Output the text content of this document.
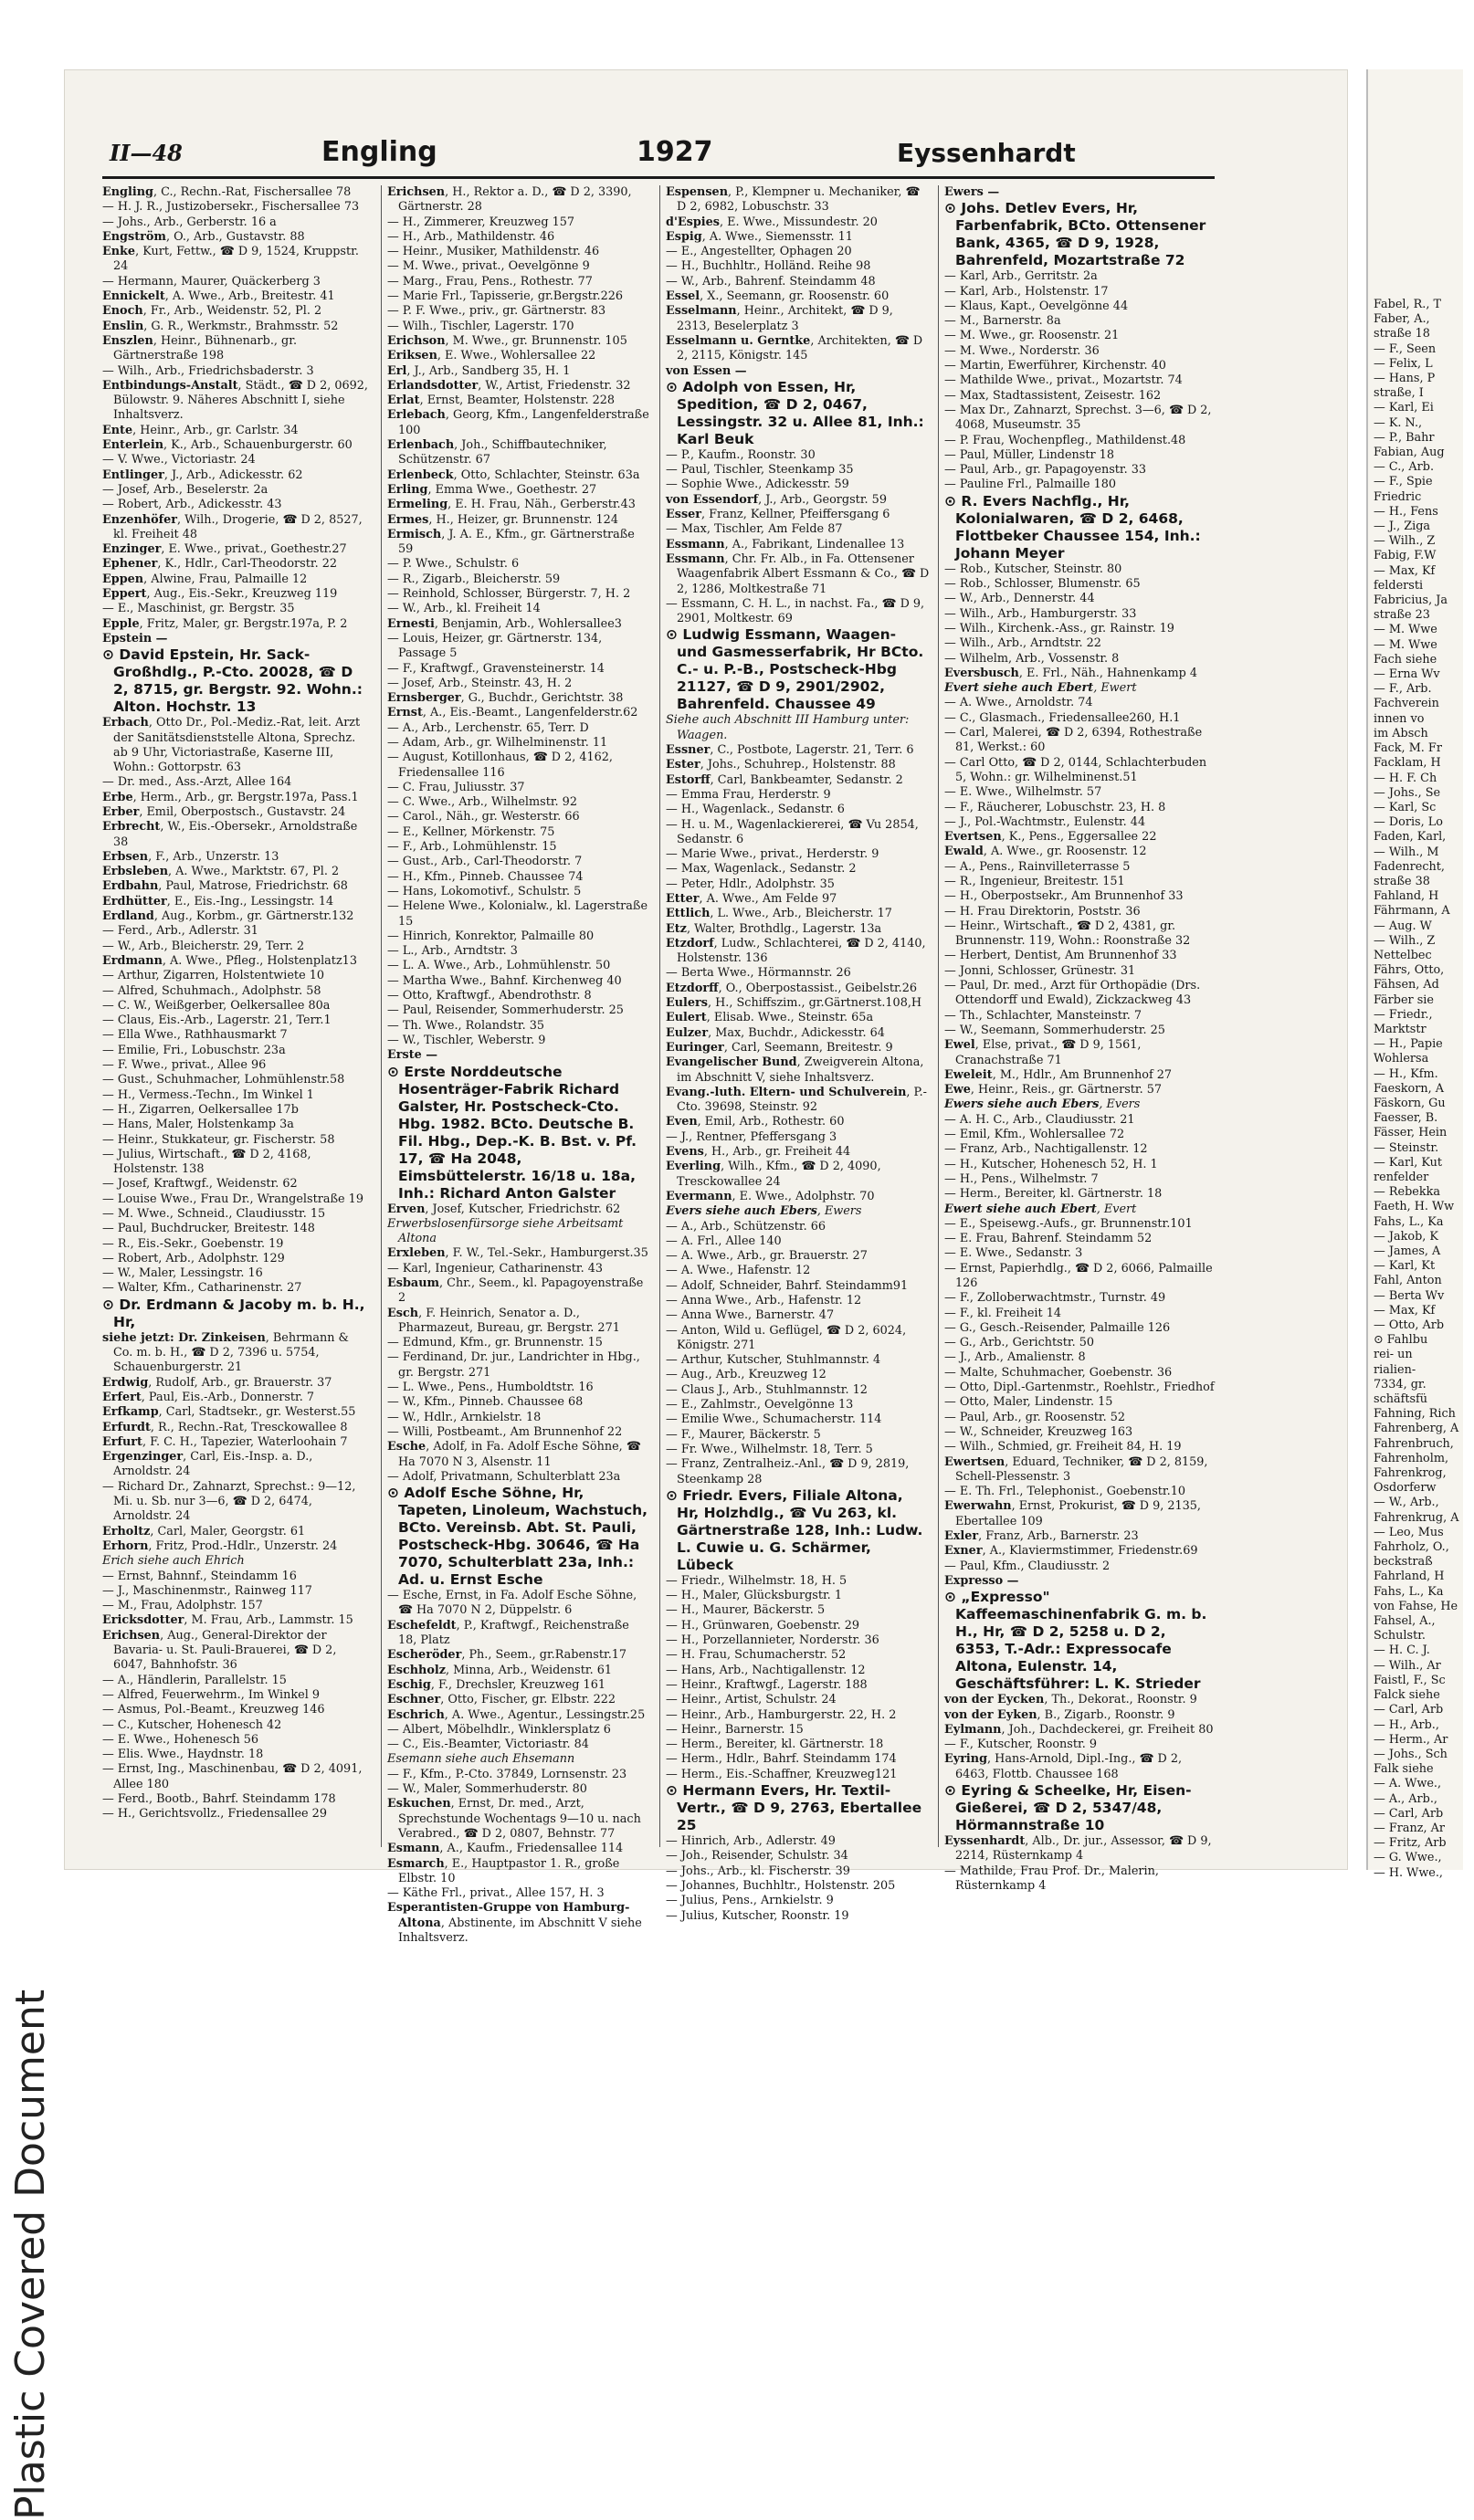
II—48	Engling	1927	Eyssenhardt

Engling, C., Rechn.-Rat, Fischersallee 78

— H. J. R., Justizobersekr., Fischersallee 73

— Johs., Arb., Gerberstr. 16 a

Engström, O., Arb., Gustavstr. 88

Enke, Kurt, Fettw., ☎ D 9, 1524, Kruppstr. 24

— Hermann, Maurer, Quäckerberg 3

Ennickelt, A. Wwe., Arb., Breitestr. 41

Enoch, Fr., Arb., Weidenstr. 52, Pl. 2

Enslin, G. R., Werkmstr., Brahmsstr. 52

Enszlen, Heinr., Bühnenarb., gr. Gärtnerstraße 198

— Wilh., Arb., Friedrichsbaderstr. 3

Entbindungs-Anstalt, Städt., ☎ D 2, 0692, Bülowstr. 9. Näheres Abschnitt I, siehe Inhaltsverz.

Ente, Heinr., Arb., gr. Carlstr. 34

Enterlein, K., Arb., Schauenburgerstr. 60

— V. Wwe., Victoriastr. 24

Entlinger, J., Arb., Adickesstr. 62

— Josef, Arb., Beselerstr. 2a

— Robert, Arb., Adickesstr. 43

Enzenhöfer, Wilh., Drogerie, ☎ D 2, 8527, kl. Freiheit 48

Enzinger, E. Wwe., privat., Goethestr.27

Ephener, K., Hdlr., Carl-Theodorstr. 22

Eppen, Alwine, Frau, Palmaille 12

Eppert, Aug., Eis.-Sekr., Kreuzweg 119

— E., Maschinist, gr. Bergstr. 35

Epple, Fritz, Maler, gr. Bergstr.197a, P. 2

Epstein —

⊙ David Epstein, Hr. Sack-Großhdlg., P.-Cto. 20028, ☎ D 2, 8715, gr. Bergstr. 92. Wohn.: Alton. Hochstr. 13

Erbach, Otto Dr., Pol.-Mediz.-Rat, leit. Arzt der Sanitätsdienststelle Altona, Sprechz. ab 9 Uhr, Victoriastraße, Kaserne III, Wohn.: Gottorpstr. 63

— Dr. med., Ass.-Arzt, Allee 164

Erbe, Herm., Arb., gr. Bergstr.197a, Pass.1

Erber, Emil, Oberpostsch., Gustavstr. 24

Erbrecht, W., Eis.-Obersekr., Arnoldstraße 38

Erbsen, F., Arb., Unzerstr. 13

Erbsleben, A. Wwe., Marktstr. 67, Pl. 2

Erdbahn, Paul, Matrose, Friedrichstr. 68

Erdhütter, E., Eis.-Ing., Lessingstr. 14

Erdland, Aug., Korbm., gr. Gärtnerstr.132

— Ferd., Arb., Adlerstr. 31

— W., Arb., Bleicherstr. 29, Terr. 2

Erdmann, A. Wwe., Pfleg., Holstenplatz13

— Arthur, Zigarren, Holstentwiete 10

— Alfred, Schuhmach., Adolphstr. 58

— C. W., Weißgerber, Oelkersallee 80a

— Claus, Eis.-Arb., Lagerstr. 21, Terr.1

— Ella Wwe., Rathhausmarkt 7

— Emilie, Fri., Lobuschstr. 23a

— F. Wwe., privat., Allee 96

— Gust., Schuhmacher, Lohmühlenstr.58

— H., Vermess.-Techn., Im Winkel 1

— H., Zigarren, Oelkersallee 17b

— Hans, Maler, Holstenkamp 3a

— Heinr., Stukkateur, gr. Fischerstr. 58

— Julius, Wirtschaft., ☎ D 2, 4168, Holstenstr. 138

— Josef, Kraftwgf., Weidenstr. 62

— Louise Wwe., Frau Dr., Wrangelstraße 19

— M. Wwe., Schneid., Claudiusstr. 15

— Paul, Buchdrucker, Breitestr. 148

— R., Eis.-Sekr., Goebenstr. 19

— Robert, Arb., Adolphstr. 129

— W., Maler, Lessingstr. 16

— Walter, Kfm., Catharinenstr. 27

⊙ Dr. Erdmann & Jacoby m. b. H., Hr,

siehe jetzt: Dr. Zinkeisen, Behrmann & Co. m. b. H., ☎ D 2, 7396 u. 5754, Schauenburgerstr. 21

Erdwig, Rudolf, Arb., gr. Brauerstr. 37

Erfert, Paul, Eis.-Arb., Donnerstr. 7

Erfkamp, Carl, Stadtsekr., gr. Westerst.55

Erfurdt, R., Rechn.-Rat, Tresckowallee 8

Erfurt, F. C. H., Tapezier, Waterloohain 7

Ergenzinger, Carl, Eis.-Insp. a. D., Arnoldstr. 24

— Richard Dr., Zahnarzt, Sprechst.: 9—12, Mi. u. Sb. nur 3—6, ☎ D 2, 6474, Arnoldstr. 24

Erholtz, Carl, Maler, Georgstr. 61

Erhorn, Fritz, Prod.-Hdlr., Unzerstr. 24

Erich siehe auch Ehrich

— Ernst, Bahnnf., Steindamm 16

— J., Maschinenmstr., Rainweg 117

— M., Frau, Adolphstr. 157

Ericksdotter, M. Frau, Arb., Lammstr. 15

Erichsen, Aug., General-Direktor der Bavaria- u. St. Pauli-Brauerei, ☎ D 2, 6047, Bahnhofstr. 36

— A., Händlerin, Parallelstr. 15

— Alfred, Feuerwehrm., Im Winkel 9

— Asmus, Pol.-Beamt., Kreuzweg 146

— C., Kutscher, Hohenesch 42

— E. Wwe., Hohenesch 56

— Elis. Wwe., Haydnstr. 18

— Ernst, Ing., Maschinenbau, ☎ D 2, 4091, Allee 180

— Ferd., Bootb., Bahrf. Steindamm 178

— H., Gerichtsvollz., Friedensallee 29

Erichsen, H., Rektor a. D., ☎ D 2, 3390, Gärtnerstr. 28

— H., Zimmerer, Kreuzweg 157

— H., Arb., Mathildenstr. 46

— Heinr., Musiker, Mathildenstr. 46

— M. Wwe., privat., Oevelgönne 9

— Marg., Frau, Pens., Rothestr. 77

— Marie Frl., Tapisserie, gr.Bergstr.226

— P. F. Wwe., priv., gr. Gärtnerstr. 83

— Wilh., Tischler, Lagerstr. 170

Erichson, M. Wwe., gr. Brunnenstr. 105

Eriksen, E. Wwe., Wohlersallee 22

Erl, J., Arb., Sandberg 35, H. 1

Erlandsdotter, W., Artist, Friedenstr. 32

Erlat, Ernst, Beamter, Holstenstr. 228

Erlebach, Georg, Kfm., Langenfelderstraße 100

Erlenbach, Joh., Schiffbautechniker, Schützenstr. 67

Erlenbeck, Otto, Schlachter, Steinstr. 63a

Erling, Emma Wwe., Goethestr. 27

Ermeling, E. H. Frau, Näh., Gerberstr.43

Ermes, H., Heizer, gr. Brunnenstr. 124

Ermisch, J. A. E., Kfm., gr. Gärtnerstraße 59

— P. Wwe., Schulstr. 6

— R., Zigarb., Bleicherstr. 59

— Reinhold, Schlosser, Bürgerstr. 7, H. 2

— W., Arb., kl. Freiheit 14

Ernesti, Benjamin, Arb., Wohlersallee3

— Louis, Heizer, gr. Gärtnerstr. 134, Passage 5

— F., Kraftwgf., Gravensteinerstr. 14

— Josef, Arb., Steinstr. 43, H. 2

Ernsberger, G., Buchdr., Gerichtstr. 38

Ernst, A., Eis.-Beamt., Langenfelderstr.62

— A., Arb., Lerchenstr. 65, Terr. D

— Adam, Arb., gr. Wilhelminenstr. 11

— August, Kotillonhaus, ☎ D 2, 4162, Friedensallee 116

— C. Frau, Juliusstr. 37

— C. Wwe., Arb., Wilhelmstr. 92

— Carol., Näh., gr. Westerstr. 66

— E., Kellner, Mörkenstr. 75

— F., Arb., Lohmühlenstr. 15

— Gust., Arb., Carl-Theodorstr. 7

— H., Kfm., Pinneb. Chaussee 74

— Hans, Lokomotivf., Schulstr. 5

— Helene Wwe., Kolonialw., kl. Lagerstraße 15

— Hinrich, Konrektor, Palmaille 80

— L., Arb., Arndtstr. 3

— L. A. Wwe., Arb., Lohmühlenstr. 50

— Martha Wwe., Bahnf. Kirchenweg 40

— Otto, Kraftwgf., Abendrothstr. 8

— Paul, Reisender, Sommerhuderstr. 25

— Th. Wwe., Rolandstr. 35

— W., Tischler, Weberstr. 9

Erste —

⊙ Erste Norddeutsche Hosenträger-Fabrik Richard Galster, Hr. Postscheck-Cto. Hbg. 1982. BCto. Deutsche B. Fil. Hbg., Dep.-K. B. Bst. v. Pf. 17, ☎ Ha 2048, Eimsbüttelerstr. 16/18 u. 18a, Inh.: Richard Anton Galster

Erven, Josef, Kutscher, Friedrichstr. 62

Erwerbslosenfürsorge siehe Arbeitsamt Altona

Erxleben, F. W., Tel.-Sekr., Hamburgerst.35

— Karl, Ingenieur, Catharinenstr. 43

Esbaum, Chr., Seem., kl. Papagoyenstraße 2

Esch, F. Heinrich, Senator a. D., Pharmazeut, Bureau, gr. Bergstr. 271

— Edmund, Kfm., gr. Brunnenstr. 15

— Ferdinand, Dr. jur., Landrichter in Hbg., gr. Bergstr. 271

— L. Wwe., Pens., Humboldtstr. 16

— W., Kfm., Pinneb. Chaussee 68

— W., Hdlr., Arnkielstr. 18

— Willi, Postbeamt., Am Brunnenhof 22

Esche, Adolf, in Fa. Adolf Esche Söhne, ☎ Ha 7070 N 3, Alsenstr. 11

— Adolf, Privatmann, Schulterblatt 23a

⊙ Adolf Esche Söhne, Hr, Tapeten, Linoleum, Wachstuch, BCto. Vereinsb. Abt. St. Pauli, Postscheck-Hbg. 30646, ☎ Ha 7070, Schulterblatt 23a, Inh.: Ad. u. Ernst Esche

— Esche, Ernst, in Fa. Adolf Esche Söhne, ☎ Ha 7070 N 2, Düppelstr. 6

Eschefeldt, P., Kraftwgf., Reichenstraße 18, Platz

Escheröder, Ph., Seem., gr.Rabenstr.17

Eschholz, Minna, Arb., Weidenstr. 61

Eschig, F., Drechsler, Kreuzweg 161

Eschner, Otto, Fischer, gr. Elbstr. 222

Eschrich, A. Wwe., Agentur., Lessingstr.25

— Albert, Möbelhdlr., Winklersplatz 6

— C., Eis.-Beamter, Victoriastr. 84

Esemann siehe auch Ehsemann

— F., Kfm., P.-Cto. 37849, Lornsenstr. 23

— W., Maler, Sommerhuderstr. 80

Eskuchen, Ernst, Dr. med., Arzt, Sprechstunde Wochentags 9—10 u. nach Verabred., ☎ D 2, 0807, Behnstr. 77

Esmann, A., Kaufm., Friedensallee 114

Esmarch, E., Hauptpastor 1. R., große Elbstr. 10

— Käthe Frl., privat., Allee 157, H. 3

Esperantisten-Gruppe von Hamburg-Altona, Abstinente, im Abschnitt V siehe Inhaltsverz.

Espensen, P., Klempner u. Mechaniker, ☎ D 2, 6982, Lobuschstr. 33

d'Espies, E. Wwe., Missundestr. 20

Espig, A. Wwe., Siemensstr. 11

— E., Angestellter, Ophagen 20

— H., Buchhltr., Holländ. Reihe 98

— W., Arb., Bahrenf. Steindamm 48

Essel, X., Seemann, gr. Roosenstr. 60

Esselmann, Heinr., Architekt, ☎ D 9, 2313, Beselerplatz 3

Esselmann u. Gerntke, Architekten, ☎ D 2, 2115, Königstr. 145

von Essen —

⊙ Adolph von Essen, Hr, Spedition, ☎ D 2, 0467, Lessingstr. 32 u. Allee 81, Inh.: Karl Beuk

— P., Kaufm., Roonstr. 30

— Paul, Tischler, Steenkamp 35

— Sophie Wwe., Adickesstr. 59

von Essendorf, J., Arb., Georgstr. 59

Esser, Franz, Kellner, Pfeiffersgang 6

— Max, Tischler, Am Felde 87

Essmann, A., Fabrikant, Lindenallee 13

Essmann, Chr. Fr. Alb., in Fa. Ottensener Waagenfabrik Albert Essmann & Co., ☎ D 2, 1286, Moltkestraße 71

— Essmann, C. H. L., in nachst. Fa., ☎ D 9, 2901, Moltkestr. 69

⊙ Ludwig Essmann, Waagen- und Gasmesserfabrik, Hr BCto. C.- u. P.-B., Postscheck-Hbg 21127, ☎ D 9, 2901/2902, Bahrenfeld. Chaussee 49

Siehe auch Abschnitt III Hamburg unter: Waagen.

Essner, C., Postbote, Lagerstr. 21, Terr. 6

Ester, Johs., Schuhrep., Holstenstr. 88

Estorff, Carl, Bankbeamter, Sedanstr. 2

— Emma Frau, Herderstr. 9

— H., Wagenlack., Sedanstr. 6

— H. u. M., Wagenlackiererei, ☎ Vu 2854, Sedanstr. 6

— Marie Wwe., privat., Herderstr. 9

— Max, Wagenlack., Sedanstr. 2

— Peter, Hdlr., Adolphstr. 35

Etter, A. Wwe., Am Felde 97

Ettlich, L. Wwe., Arb., Bleicherstr. 17

Etz, Walter, Brothdlg., Lagerstr. 13a

Etzdorf, Ludw., Schlachterei, ☎ D 2, 4140, Holstenstr. 136

— Berta Wwe., Hörmannstr. 26

Etzdorff, O., Oberpostassist., Geibelstr.26

Eulers, H., Schiffszim., gr.Gärtnerst.108,H

Eulert, Elisab. Wwe., Steinstr. 65a

Eulzer, Max, Buchdr., Adickesstr. 64

Euringer, Carl, Seemann, Breitestr. 9

Evangelischer Bund, Zweigverein Altona, im Abschnitt V, siehe Inhaltsverz.

Evang.-luth. Eltern- und Schulverein, P.-Cto. 39698, Steinstr. 92

Even, Emil, Arb., Rothestr. 60

— J., Rentner, Pfeffersgang 3

Evens, H., Arb., gr. Freiheit 44

Everling, Wilh., Kfm., ☎ D 2, 4090, Tresckowallee 24

Evermann, E. Wwe., Adolphstr. 70

Evers siehe auch Ebers, Ewers

— A., Arb., Schützenstr. 66

— A. Frl., Allee 140

— A. Wwe., Arb., gr. Brauerstr. 27

— A. Wwe., Hafenstr. 12

— Adolf, Schneider, Bahrf. Steindamm91

— Anna Wwe., Arb., Hafenstr. 12

— Anna Wwe., Barnerstr. 47

— Anton, Wild u. Geflügel, ☎ D 2, 6024, Königstr. 271

— Arthur, Kutscher, Stuhlmannstr. 4

— Aug., Arb., Kreuzweg 12

— Claus J., Arb., Stuhlmannstr. 12

— E., Zahlmstr., Oevelgönne 13

— Emilie Wwe., Schumacherstr. 114

— F., Maurer, Bäckerstr. 5

— Fr. Wwe., Wilhelmstr. 18, Terr. 5

— Franz, Zentralheiz.-Anl., ☎ D 9, 2819, Steenkamp 28

⊙ Friedr. Evers, Filiale Altona, Hr, Holzhdlg., ☎ Vu 263, kl. Gärtnerstraße 128, Inh.: Ludw. L. Cuwie u. G. Schärmer, Lübeck

— Friedr., Wilhelmstr. 18, H. 5

— H., Maler, Glücksburgstr. 1

— H., Maurer, Bäckerstr. 5

— H., Grünwaren, Goebenstr. 29

— H., Porzellannieter, Norderstr. 36

— H. Frau, Schumacherstr. 52

— Hans, Arb., Nachtigallenstr. 12

— Heinr., Kraftwgf., Lagerstr. 188

— Heinr., Artist, Schulstr. 24

— Heinr., Arb., Hamburgerstr. 22, H. 2

— Heinr., Barnerstr. 15

— Herm., Bereiter, kl. Gärtnerstr. 18

— Herm., Hdlr., Bahrf. Steindamm 174

— Herm., Eis.-Schaffner, Kreuzweg121

⊙ Hermann Evers, Hr. Textil-Vertr., ☎ D 9, 2763, Ebertallee 25

— Hinrich, Arb., Adlerstr. 49

— Joh., Reisender, Schulstr. 34

— Johs., Arb., kl. Fischerstr. 39

— Johannes, Buchhltr., Holstenstr. 205

— Julius, Pens., Arnkielstr. 9

— Julius, Kutscher, Roonstr. 19

Ewers —

⊙ Johs. Detlev Evers, Hr, Farbenfabrik, BCto. Ottensener Bank, 4365, ☎ D 9, 1928, Bahrenfeld, Mozartstraße 72

— Karl, Arb., Gerritstr. 2a

— Karl, Arb., Holstenstr. 17

— Klaus, Kapt., Oevelgönne 44

— M., Barnerstr. 8a

— M. Wwe., gr. Roosenstr. 21

— M. Wwe., Norderstr. 36

— Martin, Ewerführer, Kirchenstr. 40

— Mathilde Wwe., privat., Mozartstr. 74

— Max, Stadtassistent, Zeisestr. 162

— Max Dr., Zahnarzt, Sprechst. 3—6, ☎ D 2, 4068, Museumstr. 35

— P. Frau, Wochenpfleg., Mathildenst.48

— Paul, Müller, Lindenstr 18

— Paul, Arb., gr. Papagoyenstr. 33

— Pauline Frl., Palmaille 180

⊙ R. Evers Nachflg., Hr, Kolonialwaren, ☎ D 2, 6468, Flottbeker Chaussee 154, Inh.: Johann Meyer

— Rob., Kutscher, Steinstr. 80

— Rob., Schlosser, Blumenstr. 65

— W., Arb., Dennerstr. 44

— Wilh., Arb., Hamburgerstr. 33

— Wilh., Kirchenk.-Ass., gr. Rainstr. 19

— Wilh., Arb., Arndtstr. 22

— Wilhelm, Arb., Vossenstr. 8

Eversbusch, E. Frl., Näh., Hahnenkamp 4

Evert siehe auch Ebert, Ewert

— A. Wwe., Arnoldstr. 74

— C., Glasmach., Friedensallee260, H.1

— Carl, Malerei, ☎ D 2, 6394, Rothestraße 81, Werkst.: 60

— Carl Otto, ☎ D 2, 0144, Schlachterbuden 5, Wohn.: gr. Wilhelminenst.51

— E. Wwe., Wilhelmstr. 57

— F., Räucherer, Lobuschstr. 23, H. 8

— J., Pol.-Wachtmstr., Eulenstr. 44

Evertsen, K., Pens., Eggersallee 22

Ewald, A. Wwe., gr. Roosenstr. 12

— A., Pens., Rainvilleterrasse 5

— R., Ingenieur, Breitestr. 151

— H., Oberpostsekr., Am Brunnenhof 33

— H. Frau Direktorin, Poststr. 36

— Heinr., Wirtschaft., ☎ D 2, 4381, gr. Brunnenstr. 119, Wohn.: Roonstraße 32

— Herbert, Dentist, Am Brunnenhof 33

— Jonni, Schlosser, Grünestr. 31

— Paul, Dr. med., Arzt für Orthopädie (Drs. Ottendorff und Ewald), Zickzackweg 43

— Th., Schlachter, Mansteinstr. 7

— W., Seemann, Sommerhuderstr. 25

Ewel, Else, privat., ☎ D 9, 1561, Cranachstraße 71

Eweleit, M., Hdlr., Am Brunnenhof 27

Ewe, Heinr., Reis., gr. Gärtnerstr. 57

Ewers siehe auch Ebers, Evers

— A. H. C., Arb., Claudiusstr. 21

— Emil, Kfm., Wohlersallee 72

— Franz, Arb., Nachtigallenstr. 12

— H., Kutscher, Hohenesch 52, H. 1

— H., Pens., Wilhelmstr. 7

— Herm., Bereiter, kl. Gärtnerstr. 18

Ewert siehe auch Ebert, Evert

— E., Speisewg.-Aufs., gr. Brunnenstr.101

— E. Frau, Bahrenf. Steindamm 52

— E. Wwe., Sedanstr. 3

— Ernst, Papierhdlg., ☎ D 2, 6066, Palmaille 126

— F., Zolloberwachtmstr., Turnstr. 49

— F., kl. Freiheit 14

— G., Gesch.-Reisender, Palmaille 126

— G., Arb., Gerichtstr. 50

— J., Arb., Amalienstr. 8

— Malte, Schuhmacher, Goebenstr. 36

— Otto, Dipl.-Gartenmstr., Roehlstr., Friedhof

— Otto, Maler, Lindenstr. 15

— Paul, Arb., gr. Roosenstr. 52

— W., Schneider, Kreuzweg 163

— Wilh., Schmied, gr. Freiheit 84, H. 19

Ewertsen, Eduard, Techniker, ☎ D 2, 8159, Schell-Plessenstr. 3

— E. Th. Frl., Telephonist., Goebenstr.10

Ewerwahn, Ernst, Prokurist, ☎ D 9, 2135, Ebertallee 109

Exler, Franz, Arb., Barnerstr. 23

Exner, A., Klaviermstimmer, Friedenstr.69

— Paul, Kfm., Claudiusstr. 2

Expresso —

⊙ „Expresso" Kaffeemaschinenfabrik G. m. b. H., Hr, ☎ D 2, 5258 u. D 2, 6353, T.-Adr.: Expressocafe Altona, Eulenstr. 14, Geschäftsführer: L. K. Strieder

von der Eycken, Th., Dekorat., Roonstr. 9

von der Eyken, B., Zigarb., Roonstr. 9

Eylmann, Joh., Dachdeckerei, gr. Freiheit 80

— F., Kutscher, Roonstr. 9

Eyring, Hans-Arnold, Dipl.-Ing., ☎ D 2, 6463, Flottb. Chaussee 168

⊙ Eyring & Scheelke, Hr, Eisen-Gießerei, ☎ D 2, 5347/48, Hörmannstraße 10

Eyssenhardt, Alb., Dr. jur., Assessor, ☎ D 9, 2214, Rüsternkamp 4

— Mathilde, Frau Prof. Dr., Malerin, Rüsternkamp 4

Fabel, R., T
Faber, A.,
straße 18
— F., Seen
— Felix, L
— Hans, P
straße, I
— Karl, Ei
— K. N.,
— P., Bahr
Fabian, Aug
— C., Arb.
— F., Spie
Friedric
— H., Fens
— J., Ziga
— Wilh., Z
Fabig, F.W
— Max, Kf
feldersti
Fabricius, Ja
straße 23
— M. Wwe
— M. Wwe
Fach siehe
— Erna Wv
— F., Arb.
Fachverein
innen vo
im Absch
Fack, M. Fr
Facklam, H
— H. F. Ch
— Johs., Se
— Karl, Sc
— Doris, Lo
Faden, Karl,
— Wilh., M
Fadenrecht,
straße 38
Fahland, H
Fährmann, A
— Aug. W
— Wilh., Z
Nettelbec
Fährs, Otto,
Fähsen, Ad
Färber sie
— Friedr.,
Marktstr
— H., Papie
Wohlersa
— H., Kfm.
Faeskorn, A
Fäskorn, Gu
Faesser, B.
Fässer, Hein
— Steinstr.
— Karl, Kut
renfelder
— Rebekka
Faeth, H. Ww
Fahs, L., Ka
— Jakob, K
— James, A
— Karl, Kt
Fahl, Anton
— Berta Wv
— Max, Kf
— Otto, Arb
⊙ Fahlbu
rei- un
rialien-
7334, gr.
schäftsfü
Fahning, Rich
Fahrenberg, A
Fahrenbruch,
Fahrenholm,
Fahrenkrog,
Osdorferw
— W., Arb.,
Fahrenkrug, A
— Leo, Mus
Fahrholz, O.,
beckstraß
Fahrland, H
Fahs, L., Ka
von Fahse, He
Fahsel, A.,
Schulstr.
— H. C. J.
— Wilh., Ar
Faistl, F., Sc
Falck siehe
— Carl, Arb
— H., Arb.,
— Herm., Ar
— Johs., Sch
Falk siehe
— A. Wwe.,
— A., Arb.,
— Carl, Arb
— Franz, Ar
— Fritz, Arb
— G. Wwe.,
— H. Wwe.,
Plastic Covered Document
